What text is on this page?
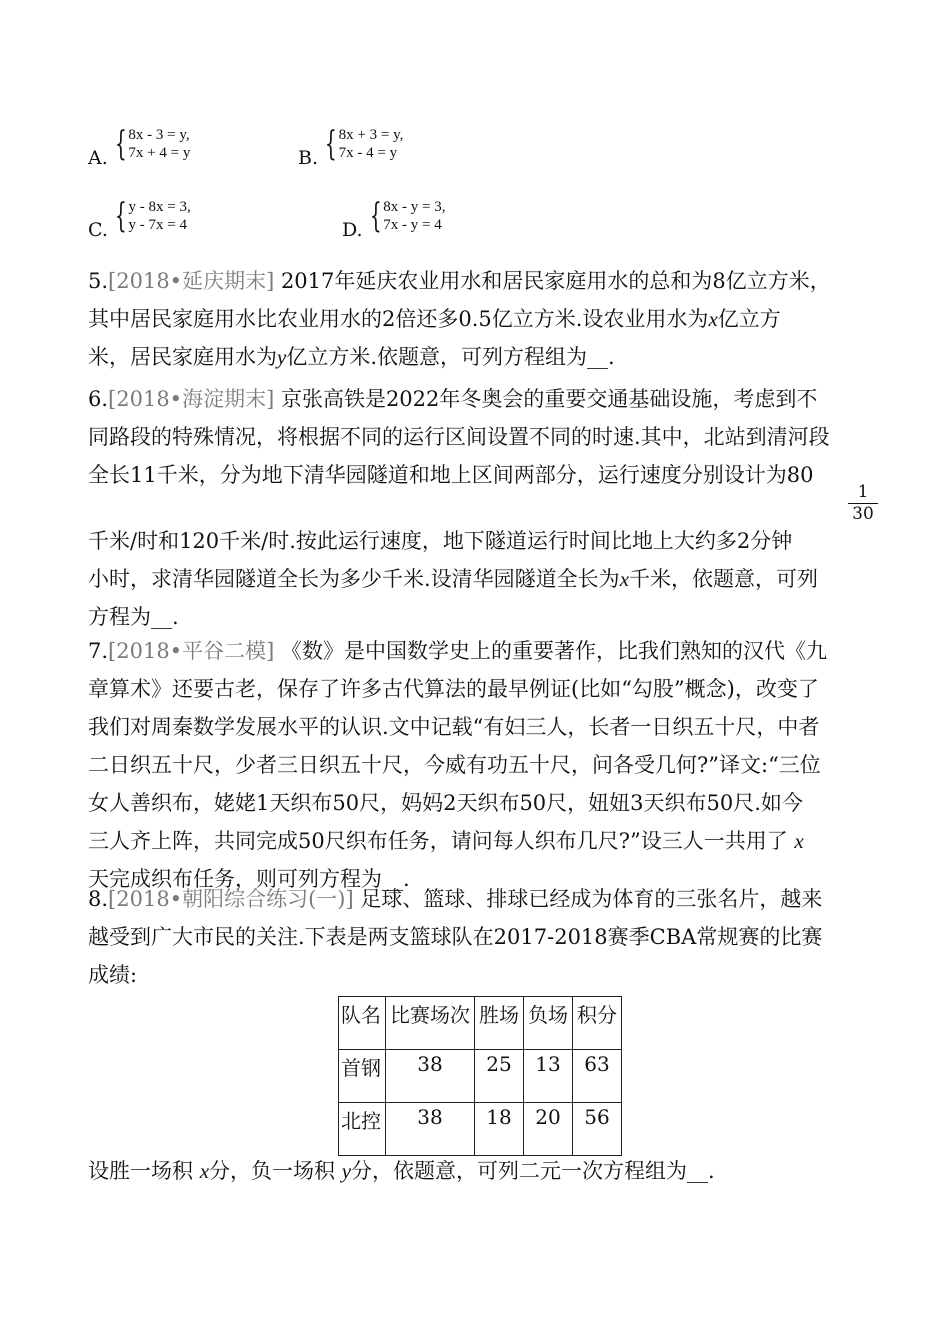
A. { 8x - 3 = y,
7x + 4 = y	B. { 8x + 3 = y,
7x - 4 = y
C. { y - 8x = 3,
y - 7x = 4	D. { 8x - y = 3,
7x - y = 4
5.[2018•延庆期末] 2017年延庆农业用水和居民家庭用水的总和为8亿立方米，
其中居民家庭用水比农业用水的2倍还多0.5亿立方米.设农业用水为x亿立方
米，居民家庭用水为y亿立方米.依题意，可列方程组为__.
6.[2018•海淀期末] 京张高铁是2022年冬奥会的重要交通基础设施，考虑到不
同路段的特殊情况，将根据不同的运行区间设置不同的时速.其中，北站到清河段
全长11千米，分为地下清华园隧道和地上区间两部分，运行速度分别设计为80
千米/时和120千米/时.按此运行速度，地下隧道运行时间比地上大约多2分钟
$\frac{1}{30}$
小时，求清华园隧道全长为多少千米.设清华园隧道全长为x千米，依题意，可列
方程为__.
7.[2018•平谷二模] 《数》是中国数学史上的重要著作，比我们熟知的汉代《九
章算术》还要古老，保存了许多古代算法的最早例证(比如“勾股”概念)，改变了
我们对周秦数学发展水平的认识.文中记载“有妇三人，长者一日织五十尺，中者
二日织五十尺，少者三日织五十尺，今威有功五十尺，问各受几何?”译文:“三位
女人善织布，姥姥1天织布50尺，妈妈2天织布50尺，妞妞3天织布50尺.如今
三人齐上阵，共同完成50尺织布任务，请问每人织布几尺?”设三人一共用了 x
天完成织布任务，则可列方程为__.
8.[2018•朝阳综合练习(一)] 足球、篮球、排球已经成为体育的三张名片，越来
越受到广大市民的关注.下表是两支篮球队在2017-2018赛季CBA常规赛的比赛
成绩:
队名	比赛场次	胜场	负场	积分
首钢	38	25	13	63
北控	38	18	20	56
设胜一场积 x分，负一场积 y分，依题意，可列二元一次方程组为__.
